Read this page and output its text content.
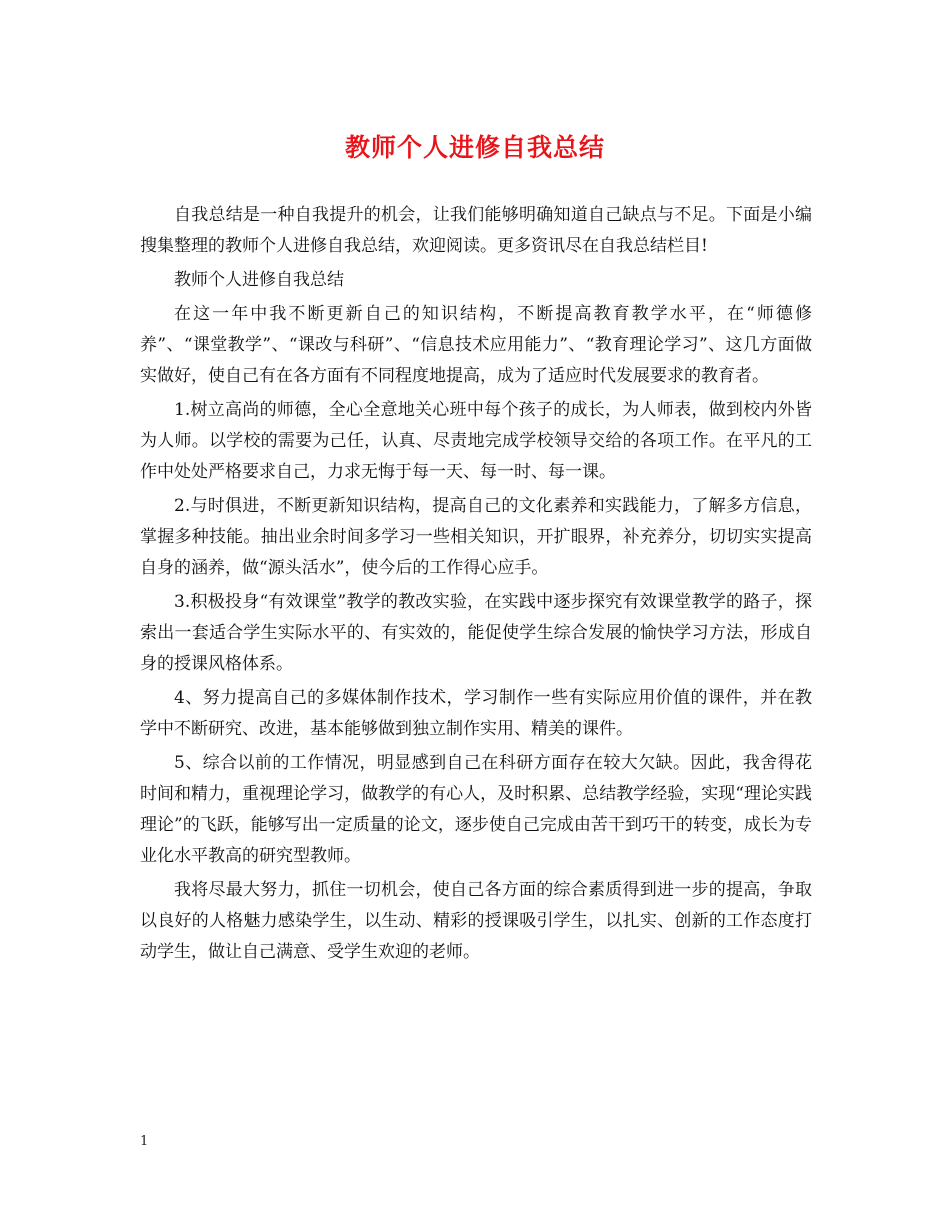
教师个人进修自我总结

自我总结是一种自我提升的机会，让我们能够明确知道自己缺点与不足。下面是小编搜集整理的教师个人进修自我总结，欢迎阅读。更多资讯尽在自我总结栏目!

教师个人进修自我总结

在这一年中我不断更新自己的知识结构，不断提高教育教学水平，在“师德修养”、“课堂教学”、“课改与科研”、“信息技术应用能力”、“教育理论学习”、这几方面做实做好，使自己有在各方面有不同程度地提高，成为了适应时代发展要求的教育者。

1.树立高尚的师德，全心全意地关心班中每个孩子的成长，为人师表，做到校内外皆为人师。以学校的需要为己任，认真、尽责地完成学校领导交给的各项工作。在平凡的工作中处处严格要求自己，力求无悔于每一天、每一时、每一课。

2.与时俱进，不断更新知识结构，提高自己的文化素养和实践能力，了解多方信息，掌握多种技能。抽出业余时间多学习一些相关知识，开扩眼界，补充养分，切切实实提高自身的涵养，做“源头活水”，使今后的工作得心应手。

3.积极投身“有效课堂”教学的教改实验，在实践中逐步探究有效课堂教学的路子，探索出一套适合学生实际水平的、有实效的，能促使学生综合发展的愉快学习方法，形成自身的授课风格体系。

4、努力提高自己的多媒体制作技术，学习制作一些有实际应用价值的课件，并在教学中不断研究、改进，基本能够做到独立制作实用、精美的课件。

5、综合以前的工作情况，明显感到自己在科研方面存在较大欠缺。因此，我舍得花时间和精力，重视理论学习，做教学的有心人，及时积累、总结教学经验，实现“理论实践理论”的飞跃，能够写出一定质量的论文，逐步使自己完成由苦干到巧干的转变，成长为专业化水平教高的研究型教师。

我将尽最大努力，抓住一切机会，使自己各方面的综合素质得到进一步的提高，争取以良好的人格魅力感染学生，以生动、精彩的授课吸引学生，以扎实、创新的工作态度打动学生，做让自己满意、受学生欢迎的老师。

1
